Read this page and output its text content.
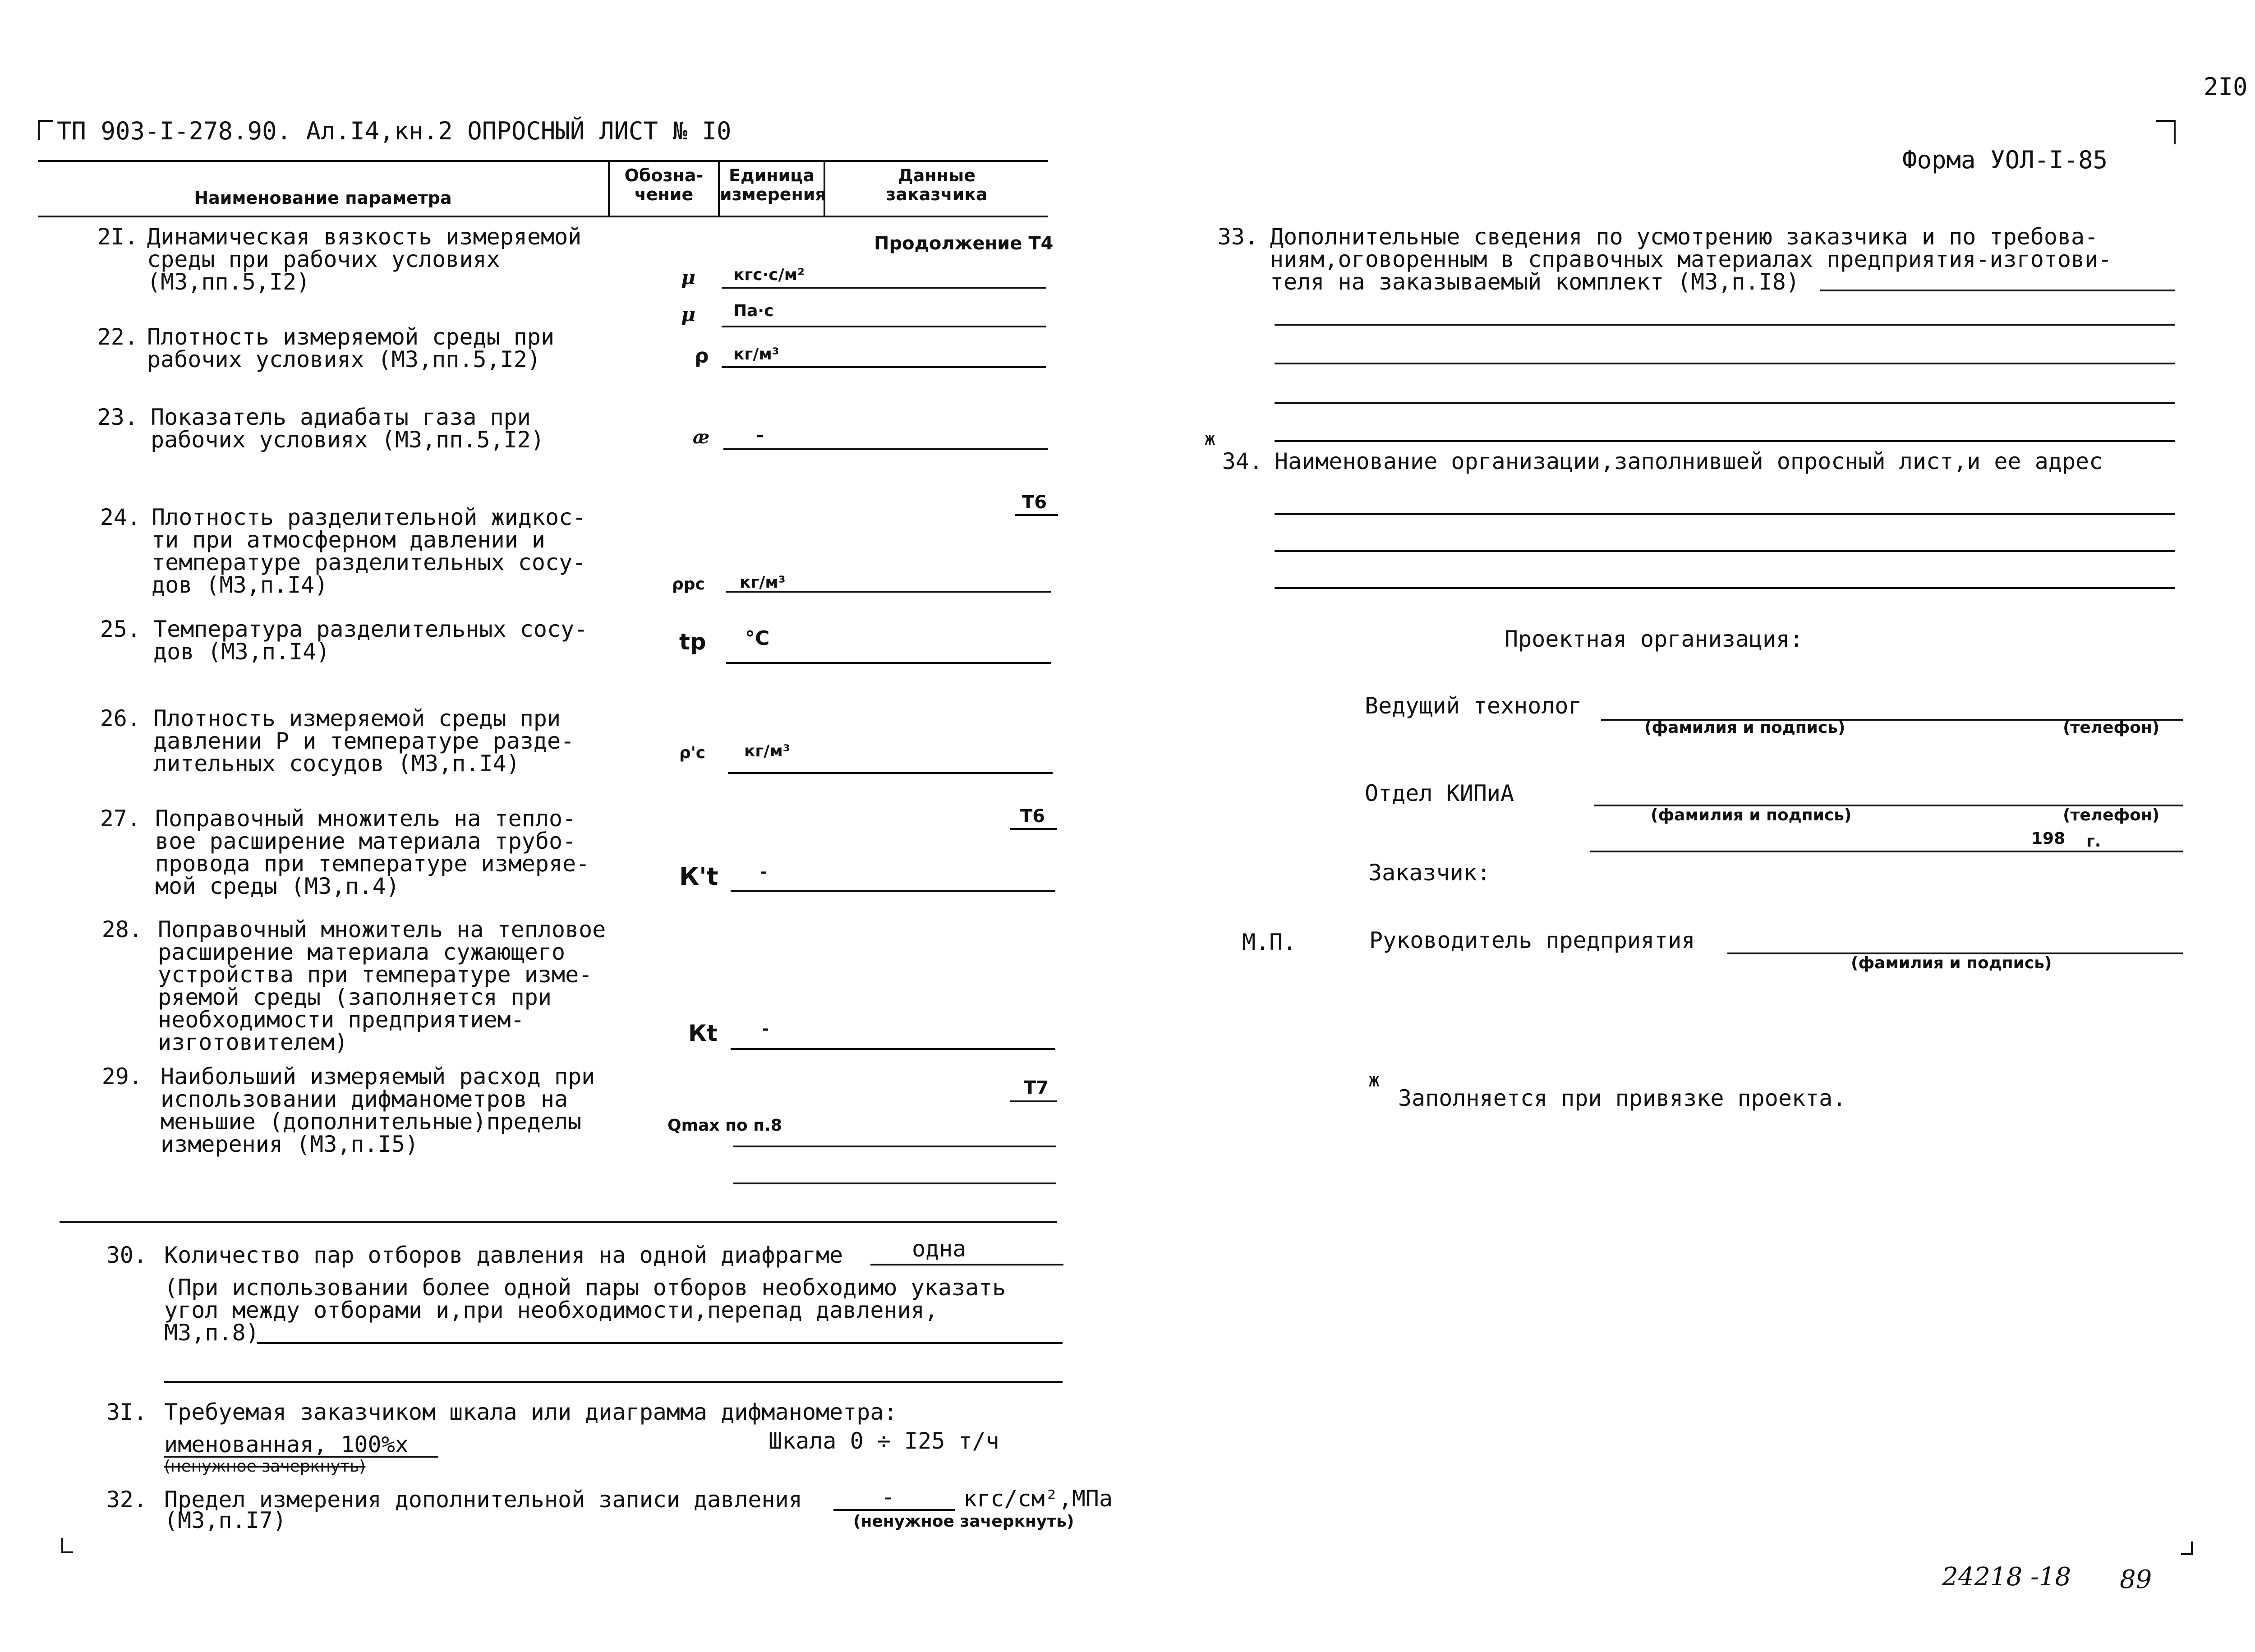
2I0
ТП 903-I-278.90. Ал.I4,кн.2 ОПРОСНЫЙ ЛИСТ № I0
Форма УОЛ-I-85
Наименование параметра
Обозна-
чение
Единица
измерения
Данные
заказчика
Продолжение Т4
2I. Динамическая вязкость измеряемой
среды при рабочих условиях
(М3,пп.5,I2)	μ кгс·с/м²
μ Па·с
22. Плотность измеряемой среды при
рабочих условиях (М3,пп.5,I2)	ρ кг/м³
23. Показатель адиабаты газа при
рабочих условиях (М3,пп.5,I2)	æ	–
Т6
24. Плотность разделительной жидкос-
ти при атмосферном давлении и
температуре разделительных сосу-
дов (М3,п.I4)	ρрс кг/м³
25. Температура разделительных сосу-
дов (М3,п.I4)	tр °С
26. Плотность измеряемой среды при
давлении Р и температуре разде-
лительных сосудов (М3,п.I4)	ρ'с кг/м³
Т6
27. Поправочный множитель на тепло-
вое расширение материала трубо-
провода при температуре измеряе-
мой среды (М3,п.4)	К't	-
28. Поправочный множитель на тепловое
расширение материала сужающего
устройства при температуре изме-
ряемой среды (заполняется при
необходимости предприятием-
изготовителем)	Кt	-
Т7
29. Наибольший измеряемый расход при
использовании дифманометров на
меньшие (дополнительные)пределы
измерения (М3,п.I5)
Qmax по п.8
30. Количество пар отборов давления на одной диафрагме	одна
(При использовании более одной пары отборов необходимо указать
угол между отборами и,при необходимости,перепад давления,
М3,п.8)
3I. Требуемая заказчиком шкала или диаграмма дифманометра:
именованная, 100%х
(ненужное зачеркнуть)
Шкала 0 ÷ I25 т/ч
32. Предел измерения дополнительной записи давления	-	кгс/см²,МПа
(М3,п.I7)	(ненужное зачеркнуть)
33. Дополнительные сведения по усмотрению заказчика и по требова-
ниям,оговоренным в справочных материалах предприятия-изготови-
теля на заказываемый комплект (М3,п.I8)
ж
34. Наименование организации,заполнившей опросный лист,и ее адрес
Проектная организация:
Ведущий технолог
(фамилия и подпись)	(телефон)
Отдел КИПиА
(фамилия и подпись)	(телефон)
198 г.
Заказчик:
М.П.	Руководитель предприятия
(фамилия и подпись)
ж
Заполняется при привязке проекта.
24218 -18 89
